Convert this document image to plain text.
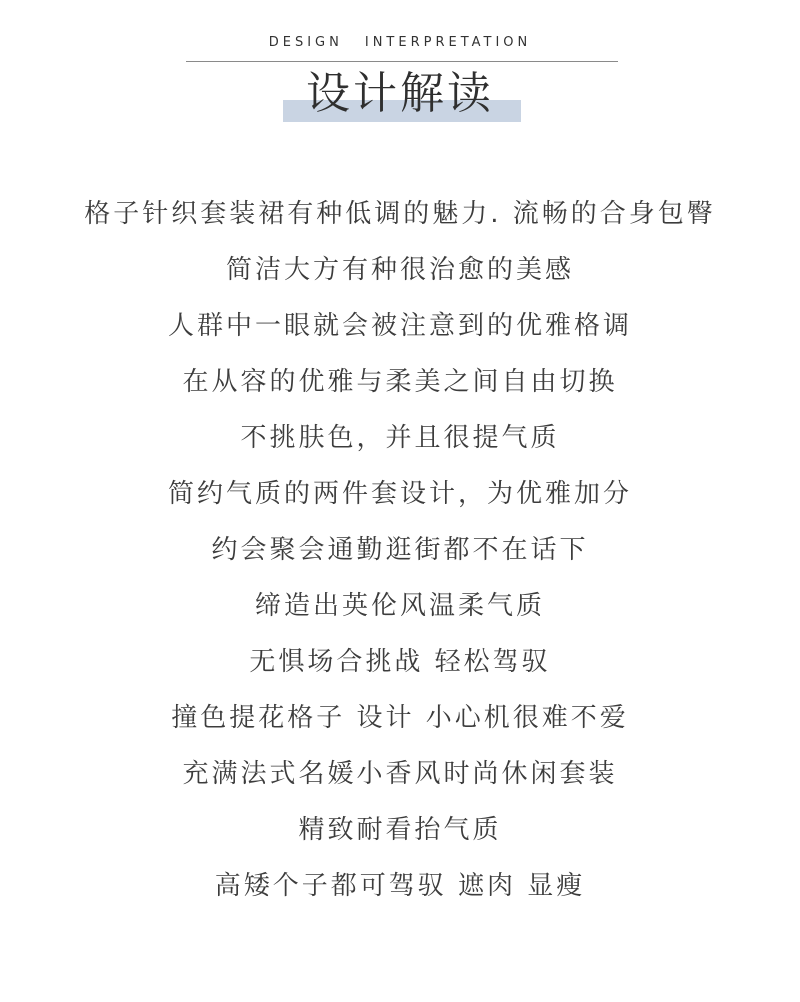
DESIGN INTERPRETATION
设计解读
格子针织套装裙有种低调的魅力. 流畅的合身包臀
简洁大方有种很治愈的美感
人群中一眼就会被注意到的优雅格调
在从容的优雅与柔美之间自由切换
不挑肤色，并且很提气质
简约气质的两件套设计，为优雅加分
约会聚会通勤逛街都不在话下
缔造出英伦风温柔气质
无惧场合挑战 轻松驾驭
撞色提花格子 设计 小心机很难不爱
充满法式名媛小香风时尚休闲套装
精致耐看抬气质
高矮个子都可驾驭 遮肉 显瘦
